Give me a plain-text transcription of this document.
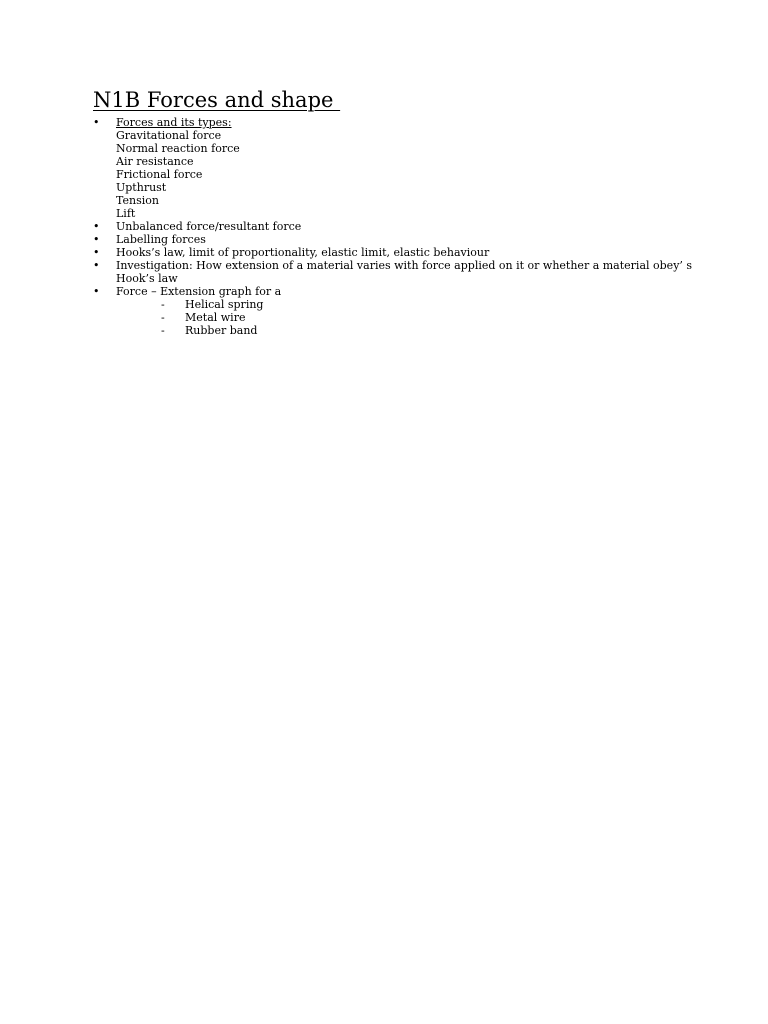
N1B Forces and shape
•	Forces and its types:
Gravitational force
Normal reaction force
Air resistance
Frictional force
Upthrust
Tension
Lift
•	Unbalanced force/resultant force
•	Labelling forces
•	Hooks’s law, limit of proportionality, elastic limit, elastic behaviour
•	Investigation: How extension of a material varies with force applied on it or whether a material obey’ s Hook’s law
•	Force – Extension graph for a
- Helical spring
- Metal wire
- Rubber band
